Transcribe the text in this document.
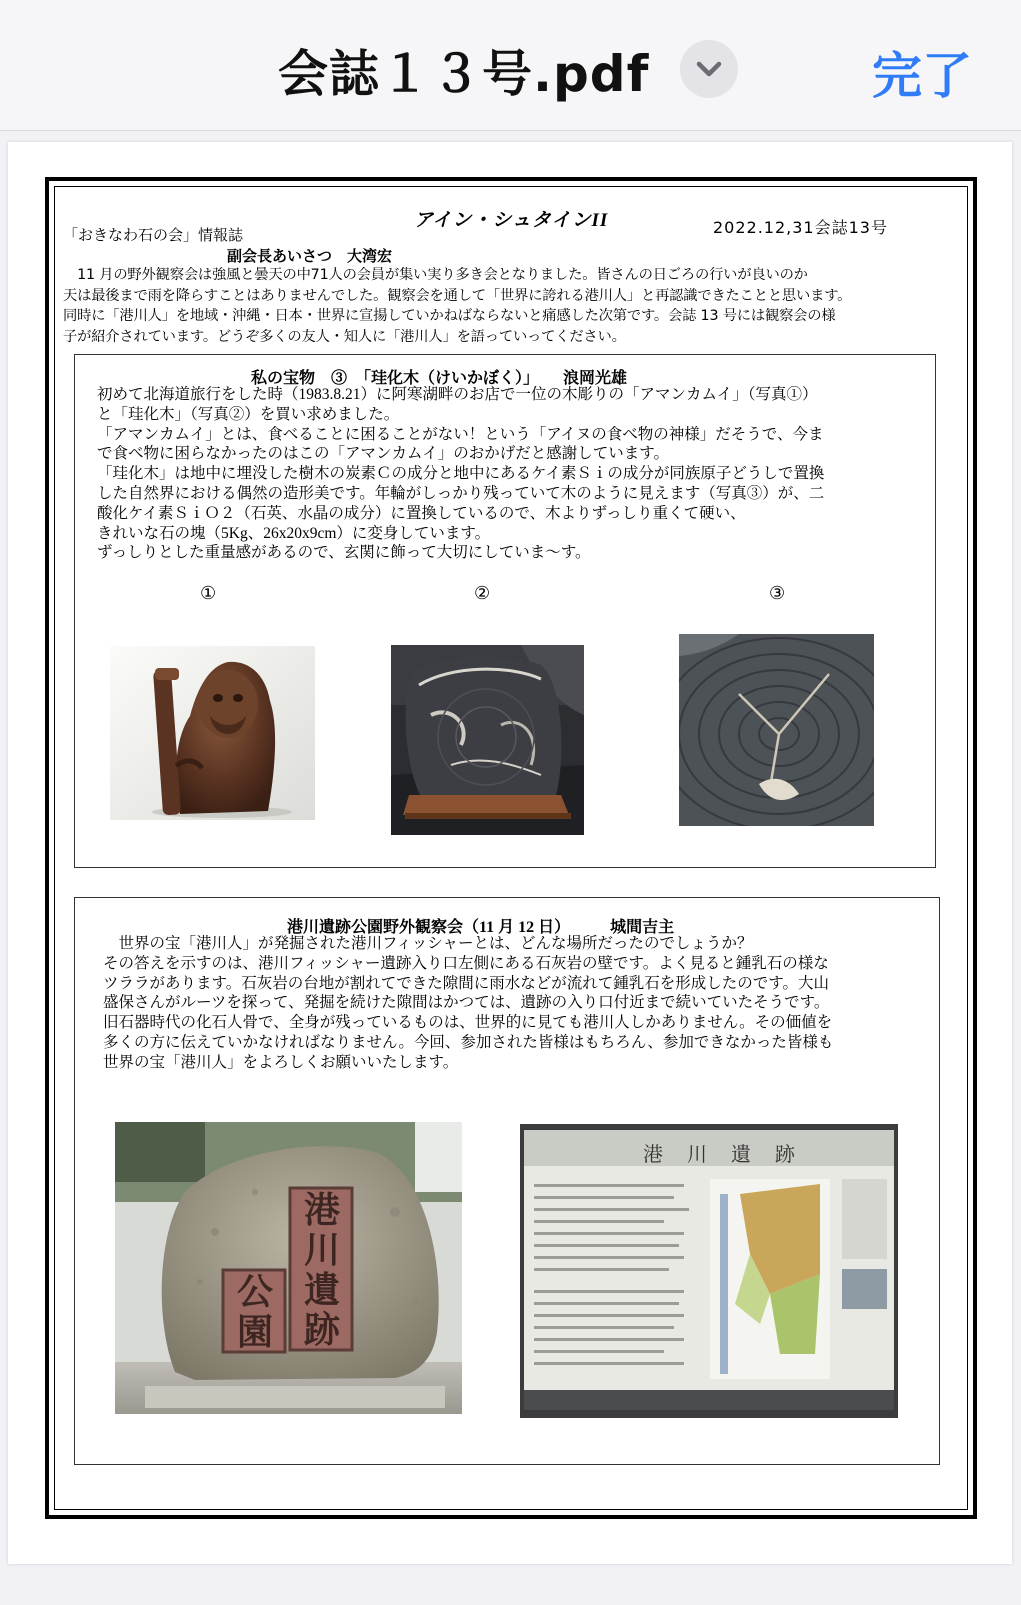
会誌１３号.pdf	完了
アイン・シュタインII
「おきなわ石の会」情報誌	2022.12,31会誌13号
副会長あいさつ　大湾宏

　11 月の野外観察会は強風と曇天の中71人の会員が集い実り多き会となりました。皆さんの日ごろの行いが良いのか

天は最後まで雨を降らすことはありませんでした。観察会を通して「世界に誇れる港川人」と再認識できたことと思います。

同時に「港川人」を地域・沖縄・日本・世界に宣揚していかねばならないと痛感した次第です。会誌 13 号には観察会の様

子が紹介されています。どうぞ多くの友人・知人に「港川人」を語っていってください。

私の宝物　③　「珪化木（けいかぼく）」　　浪岡光雄

初めて北海道旅行をした時（1983.8.21）に阿寒湖畔のお店で一位の木彫りの「アマンカムイ」（写真①）

と「珪化木」（写真②）を買い求めました。

「アマンカムイ」とは、食べることに困ることがない！という「アイヌの食べ物の神様」だそうで、今ま

で食べ物に困らなかったのはこの「アマンカムイ」のおかげだと感謝しています。

「珪化木」は地中に埋没した樹木の炭素Ｃの成分と地中にあるケイ素Ｓｉの成分が同族原子どうしで置換

した自然界における偶然の造形美です。年輪がしっかり残っていて木のように見えます（写真③）が、二

酸化ケイ素ＳｉＯ２（石英、水晶の成分）に置換しているので、木よりずっしり重くて硬い、

きれいな石の塊（5Kg、26x20x9cm）に変身しています。

ずっしりとした重量感があるので、玄関に飾って大切にしていま～す。

①	②	③
港川遺跡公園野外観察会（11 月 12 日）　　　城間吉主

　世界の宝「港川人」が発掘された港川フィッシャーとは、どんな場所だったのでしょうか？

その答えを示すのは、港川フィッシャー遺跡入り口左側にある石灰岩の壁です。よく見ると鍾乳石の様な

ツララがあります。石灰岩の台地が割れてできた隙間に雨水などが流れて鍾乳石を形成したのです。大山

盛保さんがルーツを探って、発掘を続けた隙間はかつては、遺跡の入り口付近まで続いていたそうです。

旧石器時代の化石人骨で、全身が残っているものは、世界的に見ても港川人しかありません。その価値を

多くの方に伝えていかなければなりません。今回、参加された皆様はもちろん、参加できなかった皆様も

世界の宝「港川人」をよろしくお願いいたします。

港
川
遺
跡
公
園
港　川　遺　跡
